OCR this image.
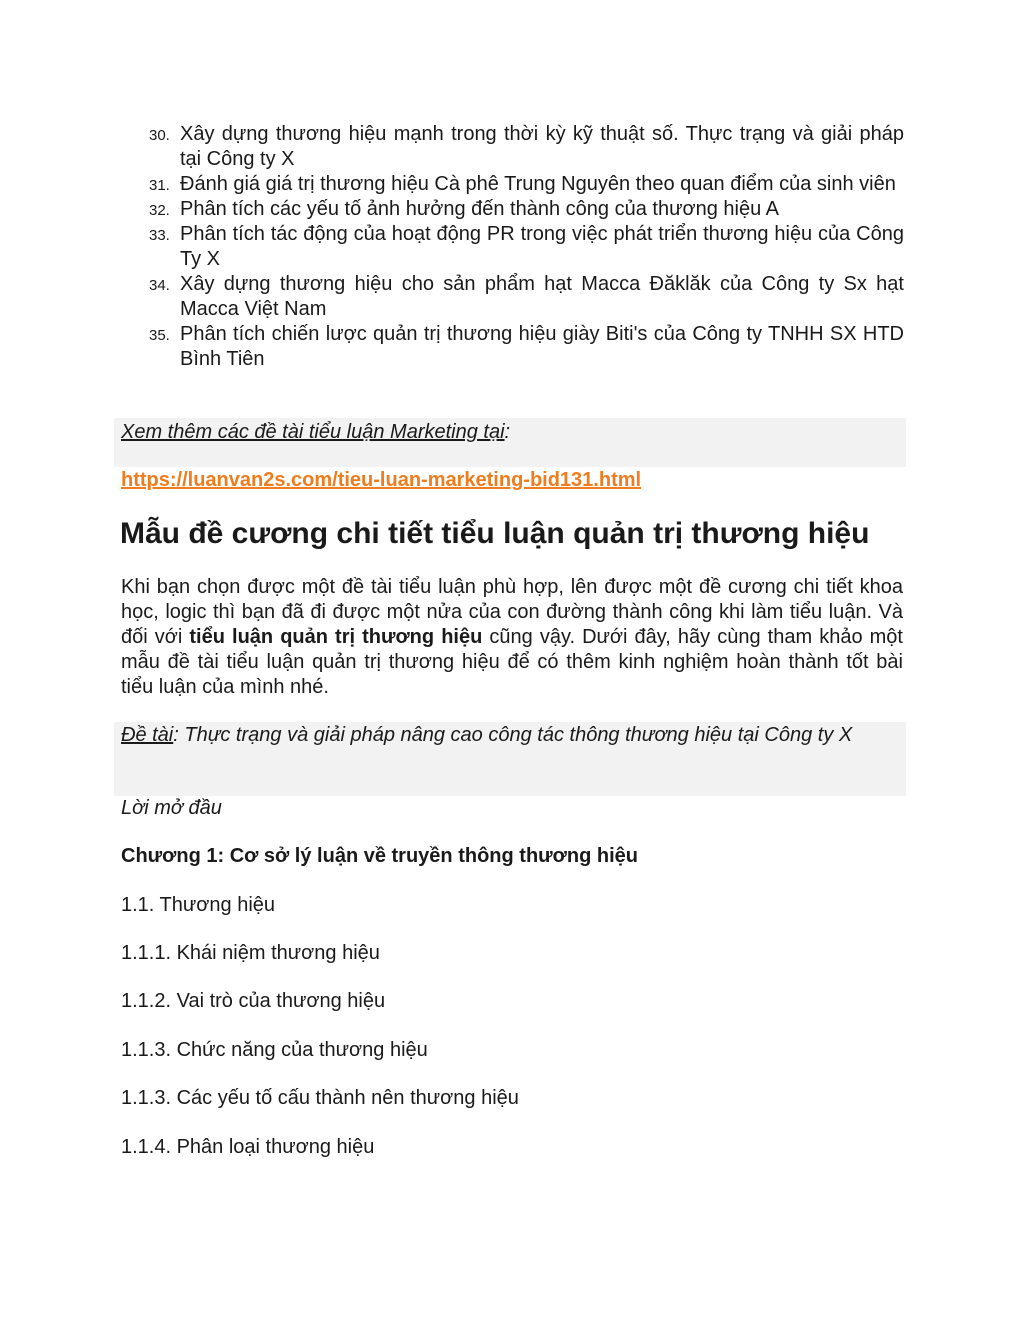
30. Xây dựng thương hiệu mạnh trong thời kỳ kỹ thuật số. Thực trạng và giải pháp tại Công ty X
31. Đánh giá giá trị thương hiệu Cà phê Trung Nguyên theo quan điểm của sinh viên
32. Phân tích các yếu tố ảnh hưởng đến thành công của thương hiệu A
33. Phân tích tác động của hoạt động PR trong việc phát triển thương hiệu của Công Ty X
34. Xây dựng thương hiệu cho sản phẩm hạt Macca Đăklăk của Công ty Sx hạt Macca Việt Nam
35. Phân tích chiến lược quản trị thương hiệu giày Biti's của Công ty TNHH SX HTD Bình Tiên
Xem thêm các đề tài tiểu luận Marketing tại:
https://luanvan2s.com/tieu-luan-marketing-bid131.html
Mẫu đề cương chi tiết tiểu luận quản trị thương hiệu

Khi bạn chọn được một đề tài tiểu luận phù hợp, lên được một đề cương chi tiết khoa học, logic thì bạn đã đi được một nửa của con đường thành công khi làm tiểu luận. Và đối với tiểu luận quản trị thương hiệu cũng vậy. Dưới đây, hãy cùng tham khảo một mẫu đề tài tiểu luận quản trị thương hiệu để có thêm kinh nghiệm hoàn thành tốt bài tiểu luận của mình nhé.

Đề tài: Thực trạng và giải pháp nâng cao công tác thông thương hiệu tại Công ty X

Lời mở đầu

Chương 1: Cơ sở lý luận về truyền thông thương hiệu

1.1. Thương hiệu

1.1.1. Khái niệm thương hiệu

1.1.2. Vai trò của thương hiệu

1.1.3. Chức năng của thương hiệu

1.1.3. Các yếu tố cấu thành nên thương hiệu

1.1.4. Phân loại thương hiệu
